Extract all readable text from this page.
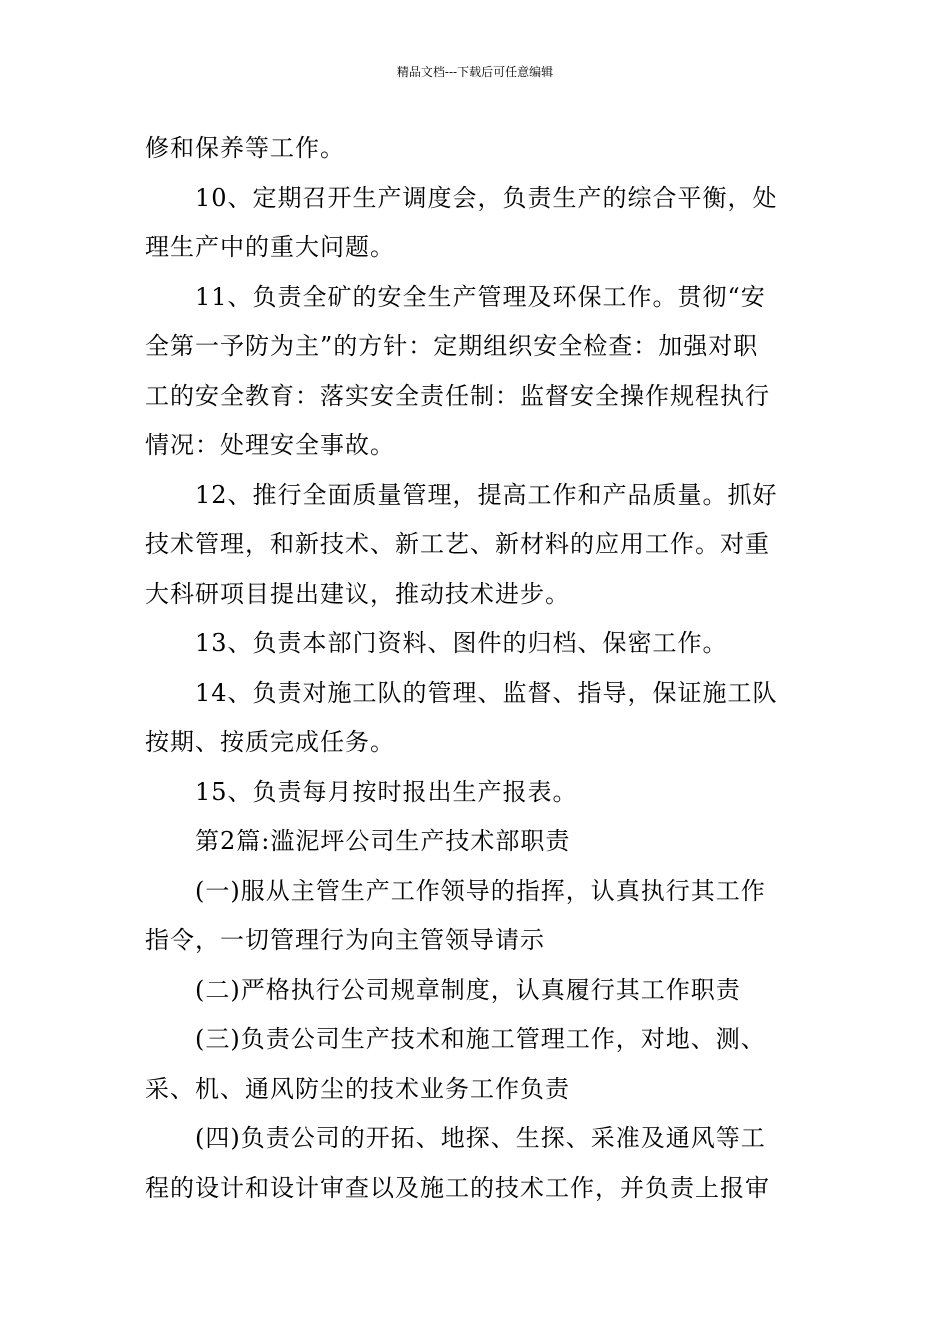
精品文档---下载后可任意编辑
修和保养等工作。
10、定期召开生产调度会，负责生产的综合平衡，处
理生产中的重大问题。
11、负责全矿的安全生产管理及环保工作。贯彻“安
全第一予防为主”的方针：定期组织安全检查：加强对职
工的安全教育：落实安全责任制：监督安全操作规程执行
情况：处理安全事故。
12、推行全面质量管理，提高工作和产品质量。抓好
技术管理，和新技术、新工艺、新材料的应用工作。对重
大科研项目提出建议，推动技术进步。
13、负责本部门资料、图件的归档、保密工作。
14、负责对施工队的管理、监督、指导，保证施工队
按期、按质完成任务。
15、负责每月按时报出生产报表。
第2篇:滥泥坪公司生产技术部职责
(一)服从主管生产工作领导的指挥，认真执行其工作
指令，一切管理行为向主管领导请示
(二)严格执行公司规章制度，认真履行其工作职责
(三)负责公司生产技术和施工管理工作，对地、测、
采、机、通风防尘的技术业务工作负责
(四)负责公司的开拓、地探、生探、采准及通风等工
程的设计和设计审查以及施工的技术工作，并负责上报审
